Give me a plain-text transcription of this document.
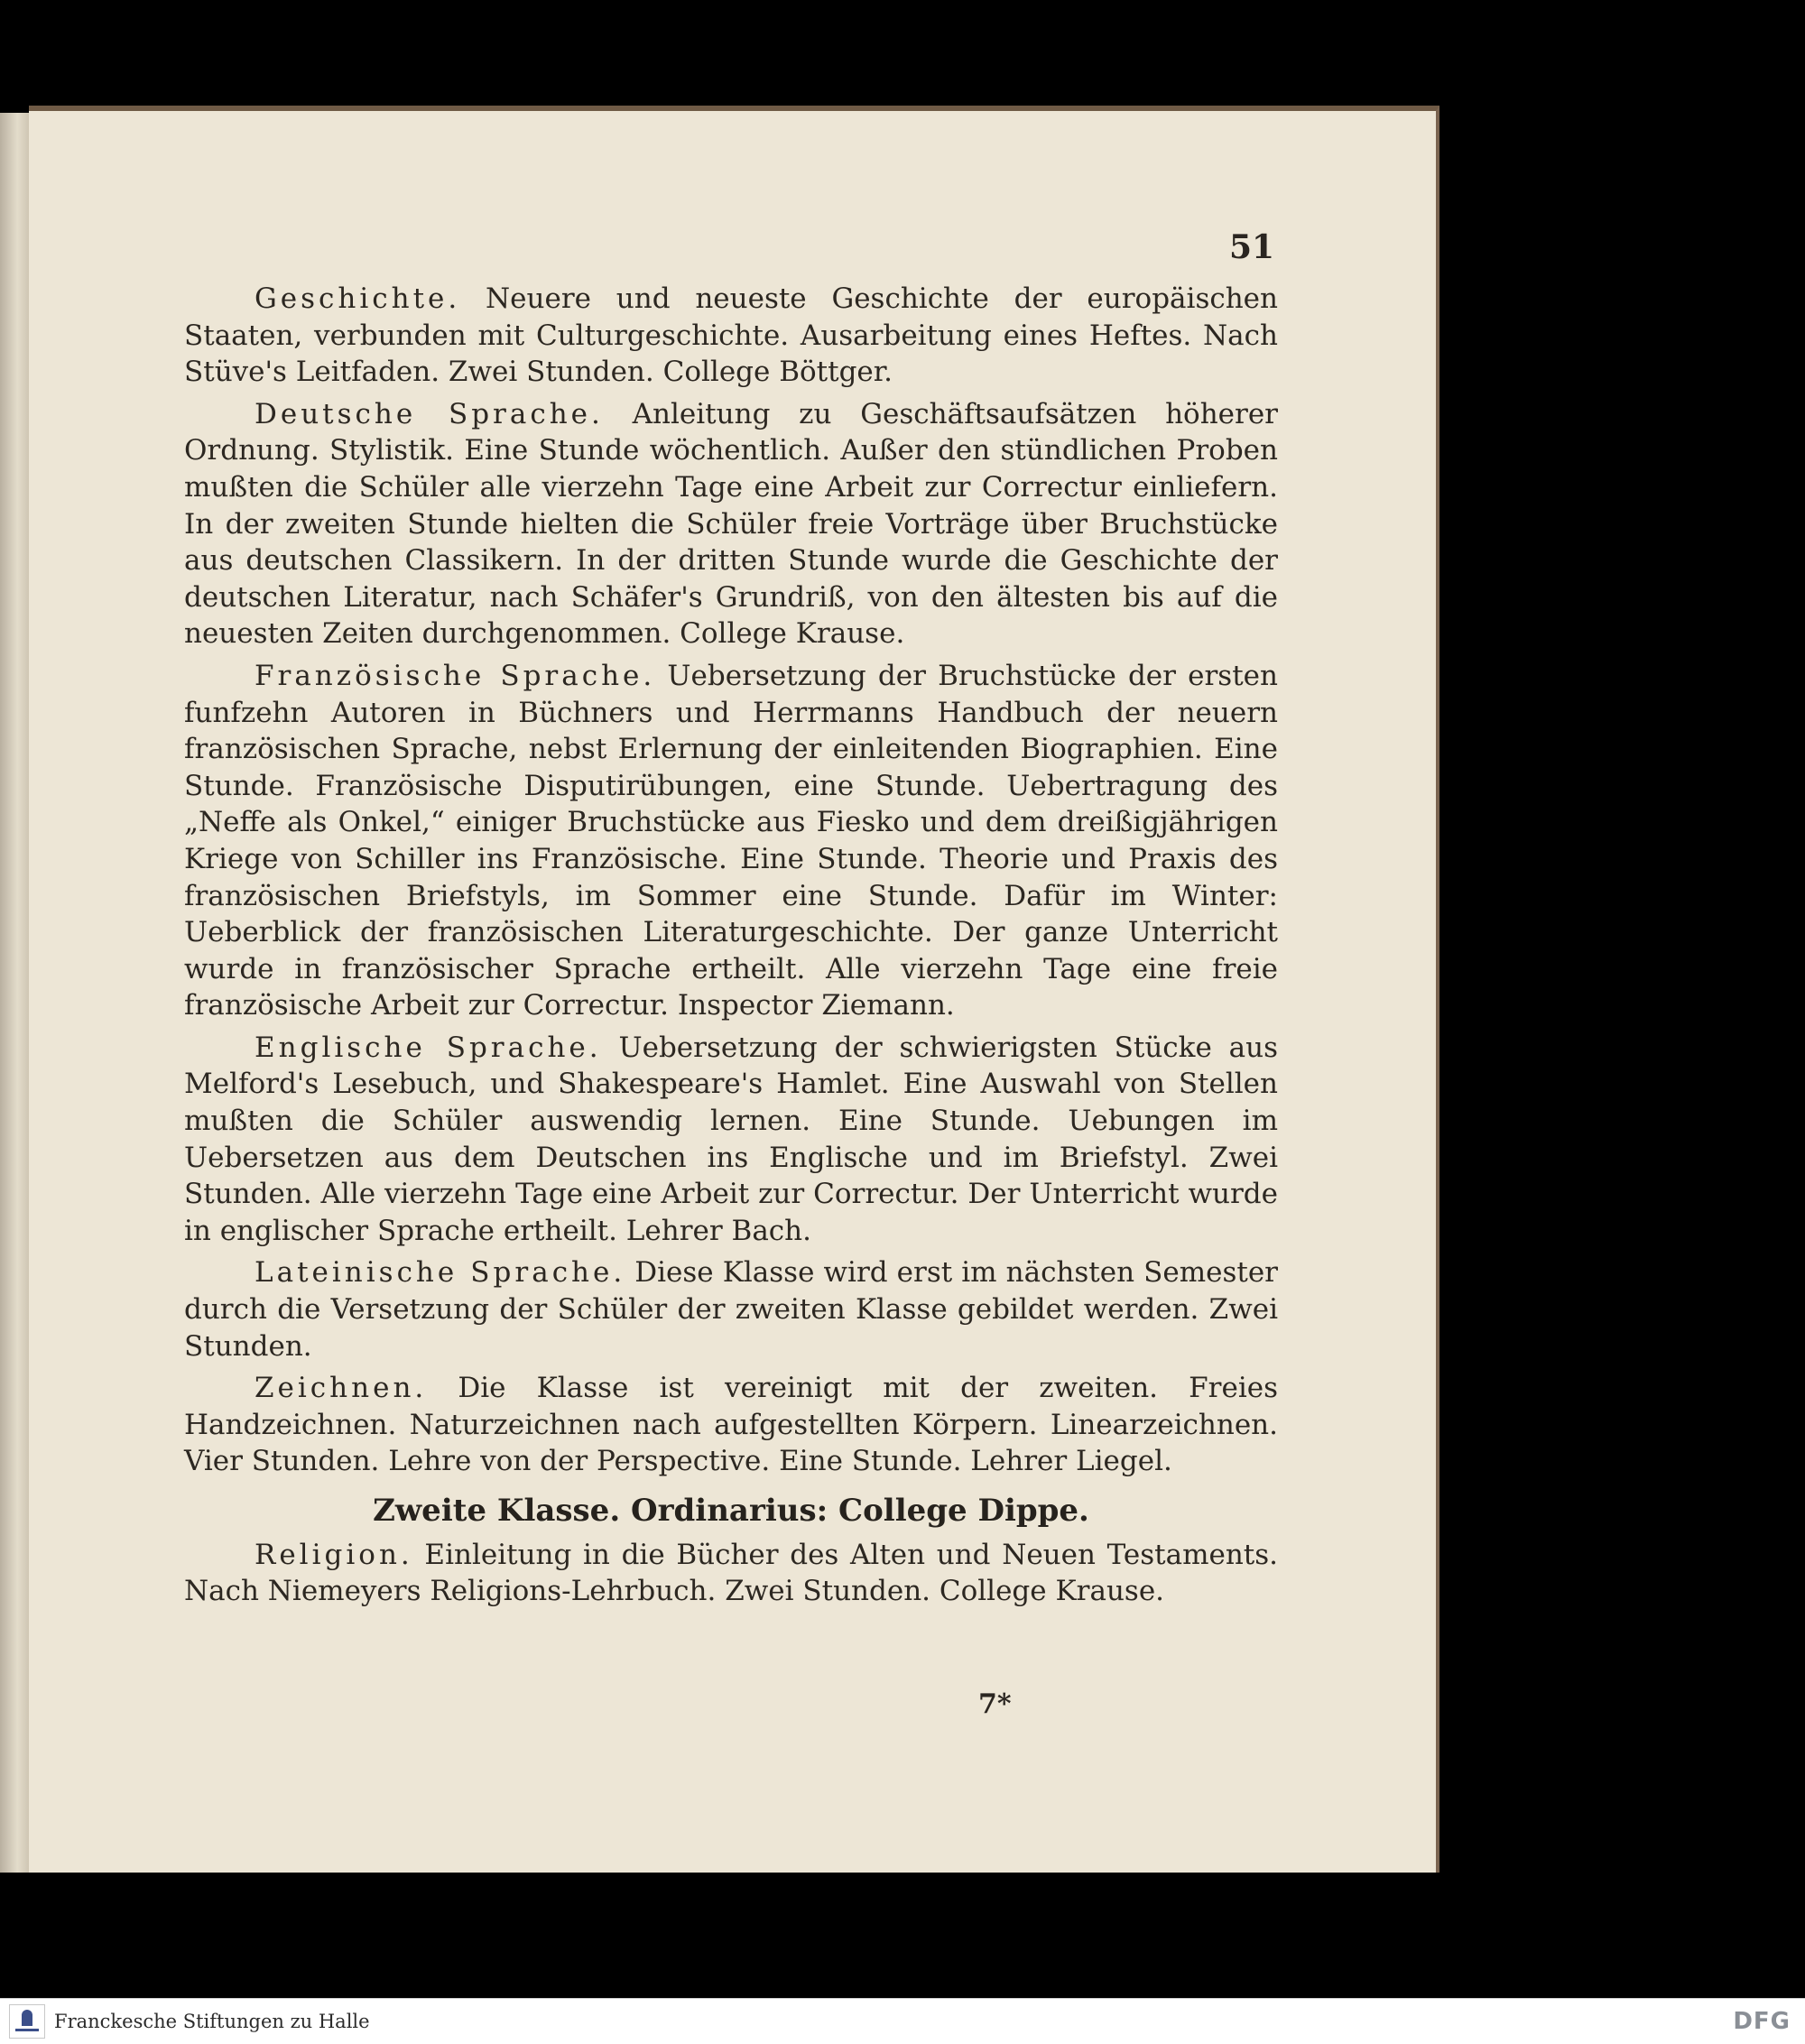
51

Geschichte. Neuere und neueste Geschichte der europäischen Staaten, verbunden mit Culturgeschichte. Ausarbeitung eines Heftes. Nach Stüve's Leitfaden. Zwei Stunden. College Böttger.

Deutsche Sprache. Anleitung zu Geschäftsaufsätzen höherer Ordnung. Stylistik. Eine Stunde wöchentlich. Außer den stündlichen Proben mußten die Schüler alle vierzehn Tage eine Arbeit zur Correctur einliefern. In der zweiten Stunde hielten die Schüler freie Vorträge über Bruchstücke aus deutschen Classikern. In der dritten Stunde wurde die Geschichte der deutschen Literatur, nach Schäfer's Grundriß, von den ältesten bis auf die neuesten Zeiten durchgenommen. College Krause.

Französische Sprache. Uebersetzung der Bruchstücke der ersten funfzehn Autoren in Büchners und Herrmanns Handbuch der neuern französischen Sprache, nebst Erlernung der einleitenden Biographien. Eine Stunde. Französische Disputirübungen, eine Stunde. Uebertragung des „Neffe als Onkel,“ einiger Bruchstücke aus Fiesko und dem dreißigjährigen Kriege von Schiller ins Französische. Eine Stunde. Theorie und Praxis des französischen Briefstyls, im Sommer eine Stunde. Dafür im Winter: Ueberblick der französischen Literaturgeschichte. Der ganze Unterricht wurde in französischer Sprache ertheilt. Alle vierzehn Tage eine freie französische Arbeit zur Correctur. Inspector Ziemann.

Englische Sprache. Uebersetzung der schwierigsten Stücke aus Melford's Lesebuch, und Shakespeare's Hamlet. Eine Auswahl von Stellen mußten die Schüler auswendig lernen. Eine Stunde. Uebungen im Uebersetzen aus dem Deutschen ins Englische und im Briefstyl. Zwei Stunden. Alle vierzehn Tage eine Arbeit zur Correctur. Der Unterricht wurde in englischer Sprache ertheilt. Lehrer Bach.

Lateinische Sprache. Diese Klasse wird erst im nächsten Semester durch die Versetzung der Schüler der zweiten Klasse gebildet werden. Zwei Stunden.

Zeichnen. Die Klasse ist vereinigt mit der zweiten. Freies Handzeichnen. Naturzeichnen nach aufgestellten Körpern. Linearzeichnen. Vier Stunden. Lehre von der Perspective. Eine Stunde. Lehrer Liegel.

Zweite Klasse. Ordinarius: College Dippe.

Religion. Einleitung in die Bücher des Alten und Neuen Testaments. Nach Niemeyers Religions-Lehrbuch. Zwei Stunden. College Krause.

7*
Franckesche Stiftungen zu Halle	DFG
